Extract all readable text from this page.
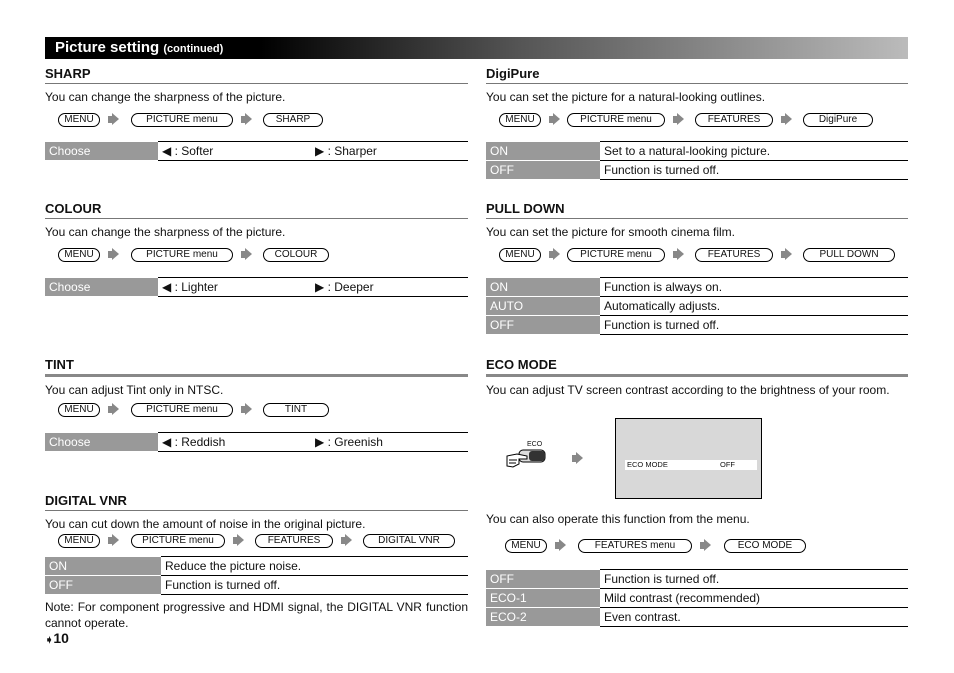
Picture setting (continued)
SHARP
You can change the sharpness of the picture.
MENU	PICTURE menu	SHARP
Choose	◀ : Softer	▶ : Sharper
COLOUR
You can change the sharpness of the picture.
MENU	PICTURE menu	COLOUR
Choose	◀ : Lighter	▶ : Deeper
TINT
You can adjust Tint only in NTSC.
MENU	PICTURE menu	TINT
Choose	◀ : Reddish	▶ : Greenish
DIGITAL VNR
You can cut down the amount of noise in the original picture.
MENU	PICTURE menu	FEATURES	DIGITAL VNR
ON	Reduce the picture noise.
OFF	Function is turned off.
Note: For component progressive and HDMI signal, the DIGITAL VNR function cannot operate.
➧10
DigiPure
You can set the picture for a natural-looking outlines.
MENU	PICTURE menu	FEATURES	DigiPure
ON	Set to a natural-looking picture.
OFF	Function is turned off.
PULL DOWN
You can set the picture for smooth cinema film.
MENU	PICTURE menu	FEATURES	PULL DOWN
ON	Function is always on.
AUTO	Automatically adjusts.
OFF	Function is turned off.
ECO MODE
You can adjust TV screen contrast according to the brightness of your room.
ECO
ECO MODE	OFF
You can also operate this function from the menu.
MENU	FEATURES menu	ECO MODE
OFF	Function is turned off.
ECO-1	Mild contrast (recommended)
ECO-2	Even contrast.
